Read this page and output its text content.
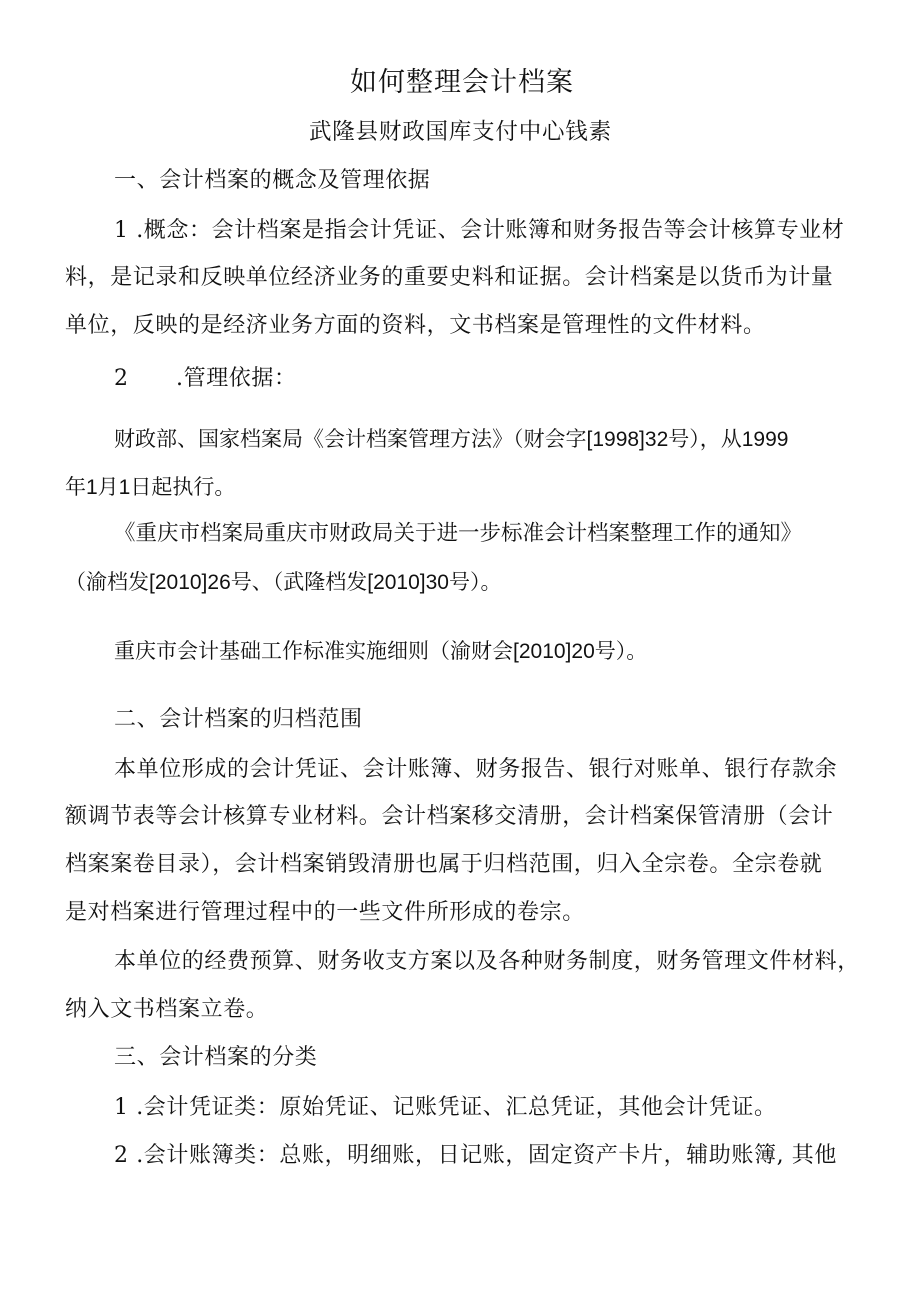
如何整理会计档案
武隆县财政国库支付中心钱素
一、会计档案的概念及管理依据
1 .概念：会计档案是指会计凭证、会计账簿和财务报告等会计核算专业材
料，是记录和反映单位经济业务的重要史料和证据。会计档案是以货币为计量
单位，反映的是经济业务方面的资料，文书档案是管理性的文件材料。
2 .管理依据：
财政部、国家档案局《会计档案管理方法》（财会字[1998]32号），从1999
年1月1日起执行。
《重庆市档案局重庆市财政局关于进一步标准会计档案整理工作的通知》
（渝档发[2010]26号、（武隆档发[2010]30号）。
重庆市会计基础工作标准实施细则（渝财会[2010]20号）。
二、会计档案的归档范围
本单位形成的会计凭证、会计账簿、财务报告、银行对账单、银行存款余
额调节表等会计核算专业材料。会计档案移交清册，会计档案保管清册（会计
档案案卷目录），会计档案销毁清册也属于归档范围，归入全宗卷。全宗卷就
是对档案进行管理过程中的一些文件所形成的卷宗。
本单位的经费预算、财务收支方案以及各种财务制度，财务管理文件材料，
纳入文书档案立卷。
三、会计档案的分类
1 .会计凭证类：原始凭证、记账凭证、汇总凭证，其他会计凭证。
2 .会计账簿类：总账，明细账，日记账，固定资产卡片，辅助账簿, 其他
